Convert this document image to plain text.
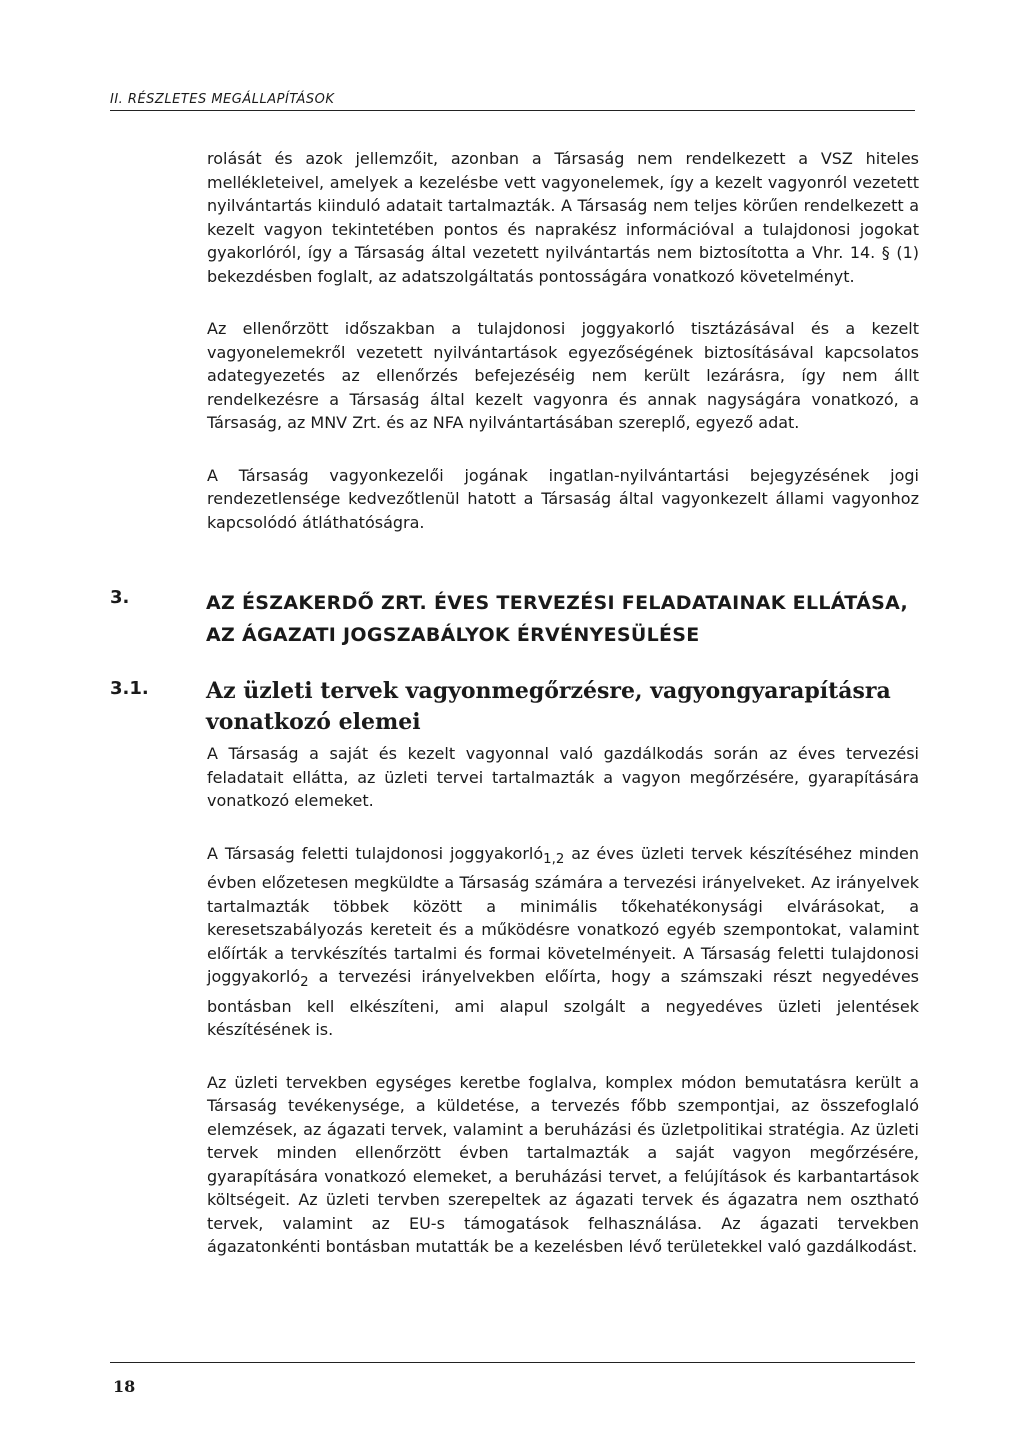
II. RÉSZLETES MEGÁLLAPÍTÁSOK

rolását és azok jellemzőit, azonban a Társaság nem rendelkezett a VSZ hiteles mellékleteivel, amelyek a kezelésbe vett vagyonelemek, így a kezelt vagyonról vezetett nyilvántartás kiinduló adatait tartalmazták. A Társaság nem teljes körűen rendelkezett a kezelt vagyon tekintetében pontos és naprakész információval a tulajdonosi jogokat gyakorlóról, így a Társaság által vezetett nyilvántartás nem biztosította a Vhr. 14. § (1) bekezdésben foglalt, az adatszolgáltatás pontosságára vonatkozó követelményt.

Az ellenőrzött időszakban a tulajdonosi joggyakorló tisztázásával és a kezelt vagyonelemekről vezetett nyilvántartások egyezőségének biztosításával kapcsolatos adategyezetés az ellenőrzés befejezéséig nem került lezárásra, így nem állt rendelkezésre a Társaság által kezelt vagyonra és annak nagyságára vonatkozó, a Társaság, az MNV Zrt. és az NFA nyilvántartásában szereplő, egyező adat.

A Társaság vagyonkezelői jogának ingatlan-nyilvántartási bejegyzésének jogi rendezetlensége kedvezőtlenül hatott a Társaság által vagyonkezelt állami vagyonhoz kapcsolódó átláthatóságra.

3.	AZ ÉSZAKERDŐ ZRT. ÉVES TERVEZÉSI FELADATAINAK ELLÁTÁSA, AZ ÁGAZATI JOGSZABÁLYOK ÉRVÉNYESÜLÉSE
3.1.	Az üzleti tervek vagyonmegőrzésre, vagyongyarapításra vonatkozó elemei

A Társaság a saját és kezelt vagyonnal való gazdálkodás során az éves tervezési feladatait ellátta, az üzleti tervei tartalmazták a vagyon megőrzésére, gyarapítására vonatkozó elemeket.

A Társaság feletti tulajdonosi joggyakorló$_{1,2}$ az éves üzleti tervek készítéséhez minden évben előzetesen megküldte a Társaság számára a tervezési irányelveket. Az irányelvek tartalmazták többek között a minimális tőkehatékonysági elvárásokat, a keresetszabályozás kereteit és a működésre vonatkozó egyéb szempontokat, valamint előírták a tervkészítés tartalmi és formai követelményeit. A Társaság feletti tulajdonosi joggyakorló$_2$ a tervezési irányelvekben előírta, hogy a számszaki részt negyedéves bontásban kell elkészíteni, ami alapul szolgált a negyedéves üzleti jelentések készítésének is.

Az üzleti tervekben egységes keretbe foglalva, komplex módon bemutatásra került a Társaság tevékenysége, a küldetése, a tervezés főbb szempontjai, az összefoglaló elemzések, az ágazati tervek, valamint a beruházási és üzletpolitikai stratégia. Az üzleti tervek minden ellenőrzött évben tartalmazták a saját vagyon megőrzésére, gyarapítására vonatkozó elemeket, a beruházási tervet, a felújítások és karbantartások költségeit. Az üzleti tervben szerepeltek az ágazati tervek és ágazatra nem osztható tervek, valamint az EU-s támogatások felhasználása. Az ágazati tervekben ágazatonkénti bontásban mutatták be a kezelésben lévő területekkel való gazdálkodást.

18
